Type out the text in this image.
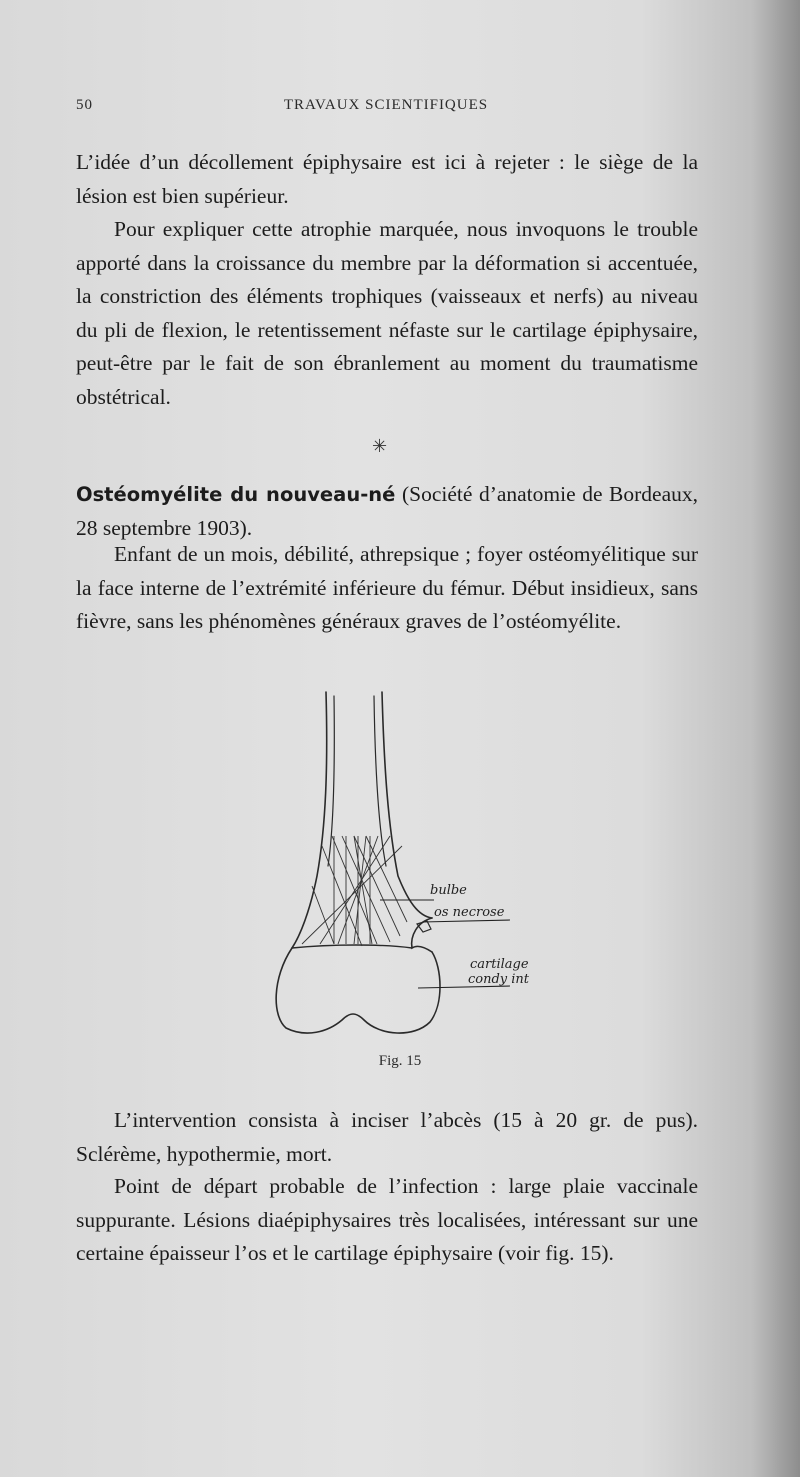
50	TRAVAUX SCIENTIFIQUES

L’idée d’un décollement épiphysaire est ici à rejeter : le siège de la lésion est bien supérieur.

Pour expliquer cette atrophie marquée, nous invoquons le trouble apporté dans la croissance du membre par la déformation si accentuée, la constriction des éléments trophiques (vaisseaux et nerfs) au niveau du pli de flexion, le retentissement néfaste sur le cartilage épiphysaire, peut-être par le fait de son ébranlement au moment du traumatisme obstétrical.

✳

Ostéomyélite du nouveau-né (Société d’anatomie de Bordeaux, 28 septembre 1903).

Enfant de un mois, débilité, athrepsique ; foyer ostéomyélitique sur la face interne de l’extrémité inférieure du fémur. Début insidieux, sans fièvre, sans les phénomènes généraux graves de l’ostéomyélite.

bulbe
os necrose
cartilage
condy int
Fig. 15

L’intervention consista à inciser l’abcès (15 à 20 gr. de pus). Sclérème, hypothermie, mort.

Point de départ probable de l’infection : large plaie vaccinale suppurante. Lésions diaépiphysaires très localisées, intéressant sur une certaine épaisseur l’os et le cartilage épiphysaire (voir fig. 15).
